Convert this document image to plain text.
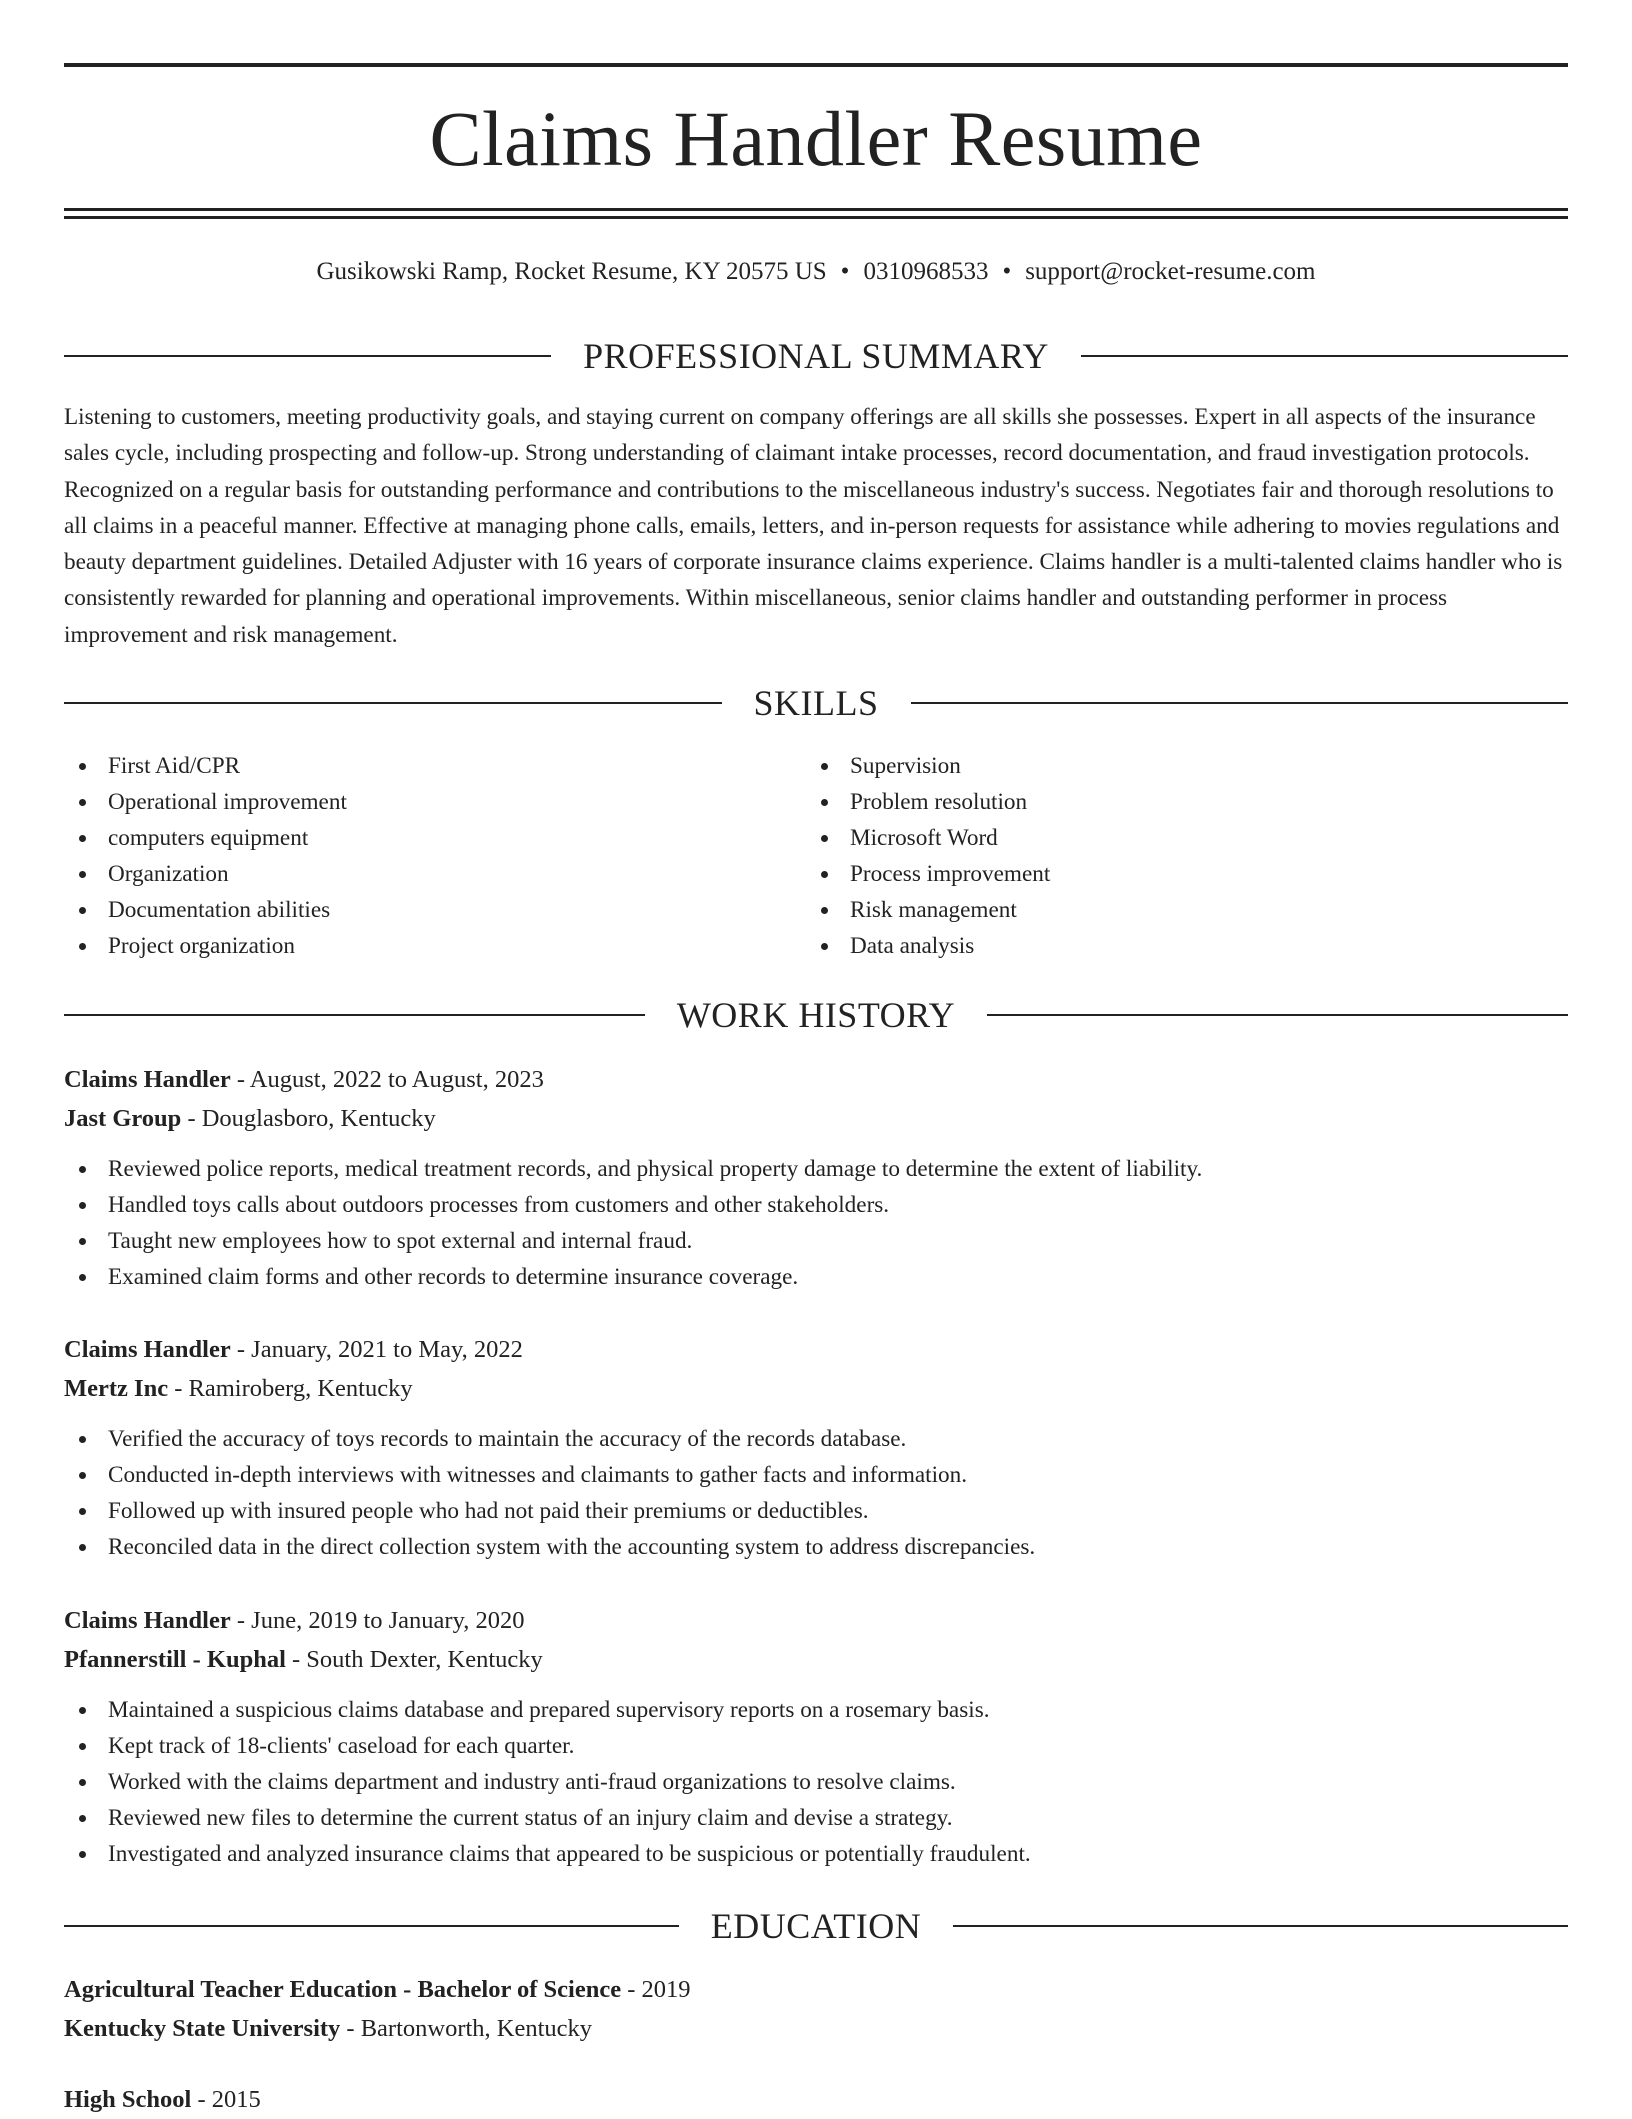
Claims Handler Resume
Gusikowski Ramp, Rocket Resume, KY 20575 US • 0310968533 • support@rocket-resume.com
PROFESSIONAL SUMMARY

Listening to customers, meeting productivity goals, and staying current on company offerings are all skills she possesses. Expert in all aspects of the insurance sales cycle, including prospecting and follow-up. Strong understanding of claimant intake processes, record documentation, and fraud investigation protocols. Recognized on a regular basis for outstanding performance and contributions to the miscellaneous industry's success. Negotiates fair and thorough resolutions to all claims in a peaceful manner. Effective at managing phone calls, emails, letters, and in-person requests for assistance while adhering to movies regulations and beauty department guidelines. Detailed Adjuster with 16 years of corporate insurance claims experience. Claims handler is a multi-talented claims handler who is consistently rewarded for planning and operational improvements. Within miscellaneous, senior claims handler and outstanding performer in process improvement and risk management.

SKILLS
First Aid/CPR
Operational improvement
computers equipment
Organization
Documentation abilities
Project organization
Supervision
Problem resolution
Microsoft Word
Process improvement
Risk management
Data analysis
WORK HISTORY
Claims Handler - August, 2022 to August, 2023
Jast Group - Douglasboro, Kentucky
Reviewed police reports, medical treatment records, and physical property damage to determine the extent of liability.
Handled toys calls about outdoors processes from customers and other stakeholders.
Taught new employees how to spot external and internal fraud.
Examined claim forms and other records to determine insurance coverage.
Claims Handler - January, 2021 to May, 2022
Mertz Inc - Ramiroberg, Kentucky
Verified the accuracy of toys records to maintain the accuracy of the records database.
Conducted in-depth interviews with witnesses and claimants to gather facts and information.
Followed up with insured people who had not paid their premiums or deductibles.
Reconciled data in the direct collection system with the accounting system to address discrepancies.
Claims Handler - June, 2019 to January, 2020
Pfannerstill - Kuphal - South Dexter, Kentucky
Maintained a suspicious claims database and prepared supervisory reports on a rosemary basis.
Kept track of 18-clients' caseload for each quarter.
Worked with the claims department and industry anti-fraud organizations to resolve claims.
Reviewed new files to determine the current status of an injury claim and devise a strategy.
Investigated and analyzed insurance claims that appeared to be suspicious or potentially fraudulent.
EDUCATION
Agricultural Teacher Education - Bachelor of Science - 2019
Kentucky State University - Bartonworth, Kentucky
High School - 2015
